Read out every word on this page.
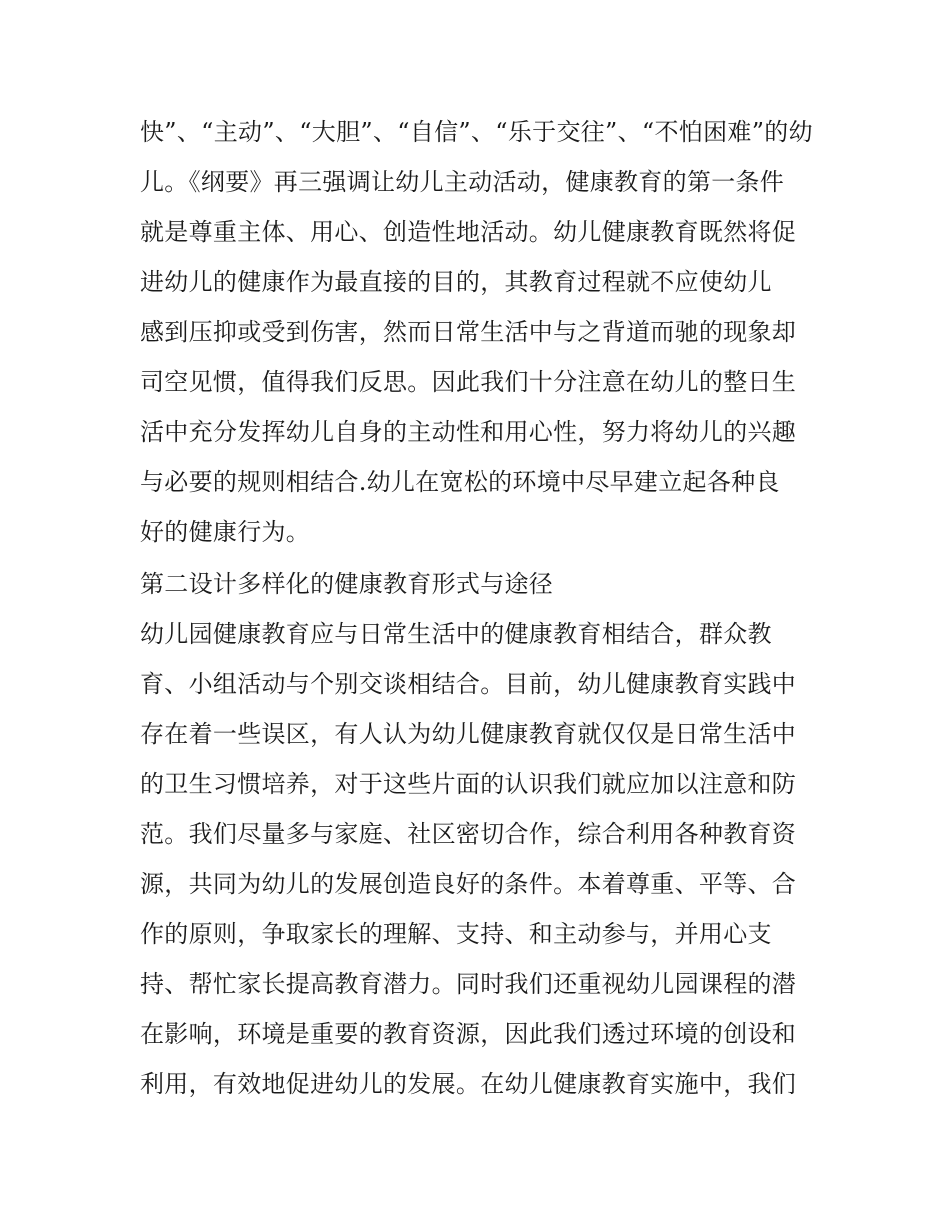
快”、“主动”、“大胆”、“自信”、“乐于交往”、“不怕困难”的幼
儿。《纲要》再三强调让幼儿主动活动，健康教育的第一条件
就是尊重主体、用心、创造性地活动。幼儿健康教育既然将促
进幼儿的健康作为最直接的目的，其教育过程就不应使幼儿
感到压抑或受到伤害，然而日常生活中与之背道而驰的现象却
司空见惯，值得我们反思。因此我们十分注意在幼儿的整日生
活中充分发挥幼儿自身的主动性和用心性，努力将幼儿的兴趣
与必要的规则相结合.幼儿在宽松的环境中尽早建立起各种良
好的健康行为。
第二设计多样化的健康教育形式与途径
幼儿园健康教育应与日常生活中的健康教育相结合，群众教
育、小组活动与个别交谈相结合。目前，幼儿健康教育实践中
存在着一些误区，有人认为幼儿健康教育就仅仅是日常生活中
的卫生习惯培养，对于这些片面的认识我们就应加以注意和防
范。我们尽量多与家庭、社区密切合作，综合利用各种教育资
源，共同为幼儿的发展创造良好的条件。本着尊重、平等、合
作的原则，争取家长的理解、支持、和主动参与，并用心支
持、帮忙家长提高教育潜力。同时我们还重视幼儿园课程的潜
在影响，环境是重要的教育资源，因此我们透过环境的创设和
利用，有效地促进幼儿的发展。在幼儿健康教育实施中，我们
